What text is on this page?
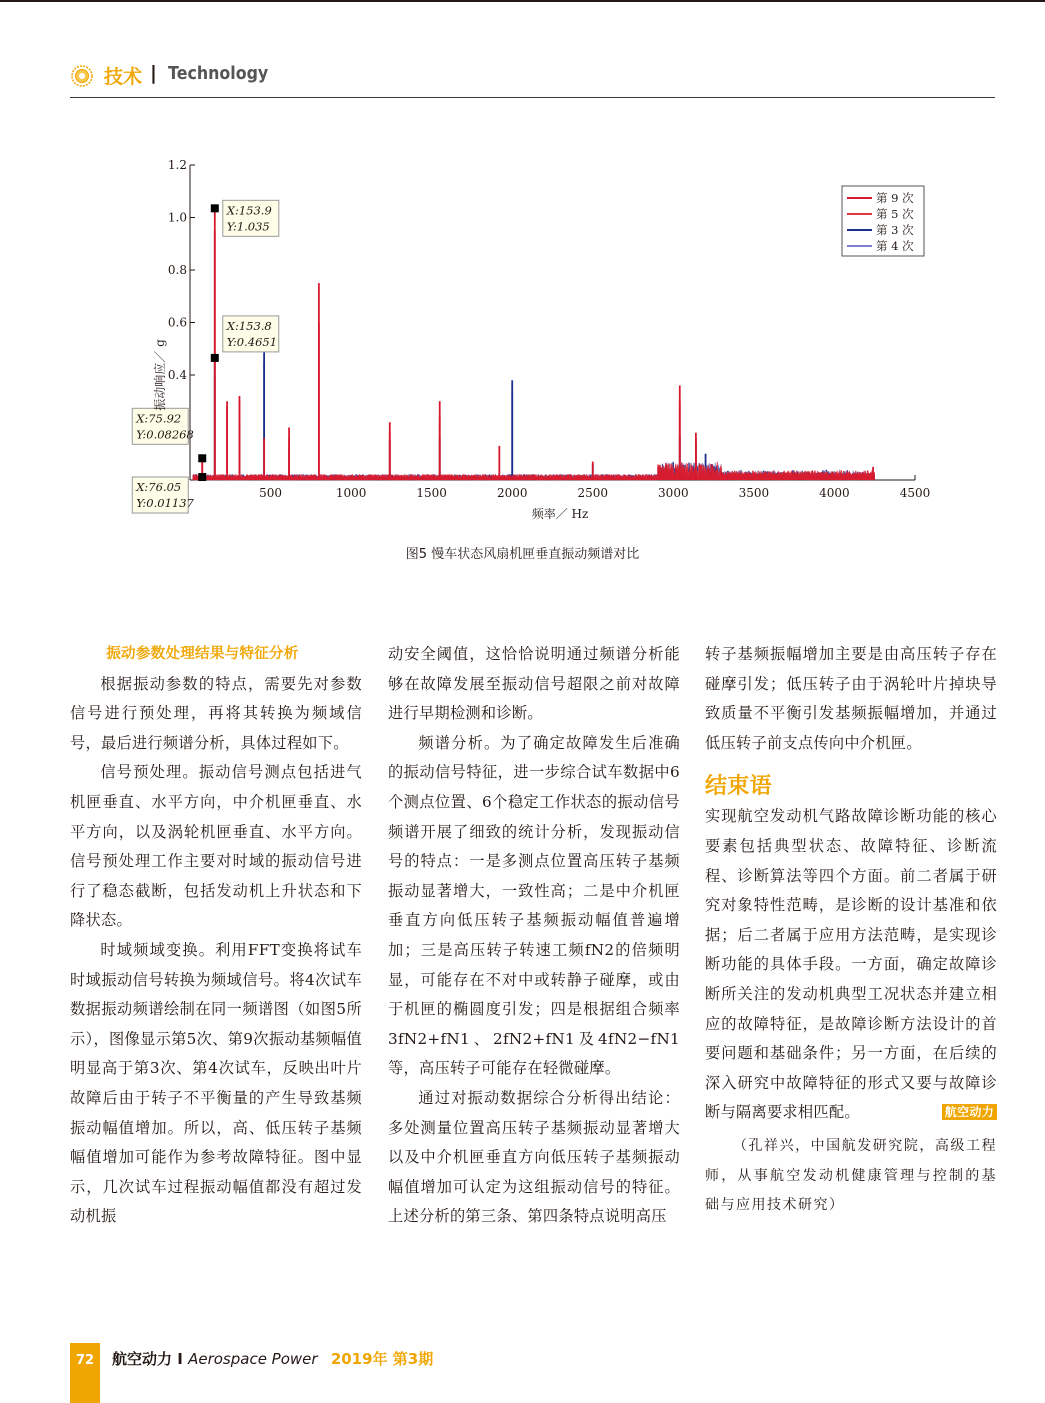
技术 | Technology
0.4
0.6
0.8
1.0
1.2
500	1000	1500	2000	2500	3000	3500	4000	4500
X:153.9
Y:1.035
X:153.8
Y:0.4651
X:75.92
Y:0.08268
X:76.05
Y:0.01137
第 9 次
第 5 次
第 3 次
第 4 次
频率／ Hz
振动响应／ g
图5 慢车状态风扇机匣垂直振动频谱对比

振动参数处理结果与特征分析

根据振动参数的特点，需要先对参数信号进行预处理，再将其转换为频域信号，最后进行频谱分析，具体过程如下。

信号预处理。振动信号测点包括进气机匣垂直、水平方向，中介机匣垂直、水平方向，以及涡轮机匣垂直、水平方向。信号预处理工作主要对时域的振动信号进行了稳态截断，包括发动机上升状态和下降状态。

时域频域变换。利用FFT变换将试车时域振动信号转换为频域信号。将4次试车数据振动频谱绘制在同一频谱图（如图5所示），图像显示第5次、第9次振动基频幅值明显高于第3次、第4次试车，反映出叶片故障后由于转子不平衡量的产生导致基频振动幅值增加。所以，高、低压转子基频幅值增加可能作为参考故障特征。图中显示，几次试车过程振动幅值都没有超过发动机振

动安全阈值，这恰恰说明通过频谱分析能够在故障发展至振动信号超限之前对故障进行早期检测和诊断。

频谱分析。为了确定故障发生后准确的振动信号特征，进一步综合试车数据中6个测点位置、6个稳定工作状态的振动信号频谱开展了细致的统计分析，发现振动信号的特点：一是多测点位置高压转子基频振动显著增大，一致性高；二是中介机匣垂直方向低压转子基频振动幅值普遍增加；三是高压转子转速工频fN2的倍频明显，可能存在不对中或转静子碰摩，或由于机匣的椭圆度引发；四是根据组合频率3fN2+fN1、2fN2+fN1及4fN2−fN1等，高压转子可能存在轻微碰摩。

通过对振动数据综合分析得出结论：多处测量位置高压转子基频振动显著增大以及中介机匣垂直方向低压转子基频振动幅值增加可认定为这组振动信号的特征。上述分析的第三条、第四条特点说明高压

转子基频振幅增加主要是由高压转子存在碰摩引发；低压转子由于涡轮叶片掉块导致质量不平衡引发基频振幅增加，并通过低压转子前支点传向中介机匣。

结束语

实现航空发动机气路故障诊断功能的核心要素包括典型状态、故障特征、诊断流程、诊断算法等四个方面。前二者属于研究对象特性范畴，是诊断的设计基准和依据；后二者属于应用方法范畴，是实现诊断功能的具体手段。一方面，确定故障诊断所关注的发动机典型工况状态并建立相应的故障特征，是故障诊断方法设计的首要问题和基础条件；另一方面，在后续的深入研究中故障特征的形式又要与故障诊断与隔离要求相匹配。	航空动力

（孔祥兴，中国航发研究院，高级工程师，从事航空发动机健康管理与控制的基础与应用技术研究）

72	航空动力 I Aerospace Power 2019年 第3期
